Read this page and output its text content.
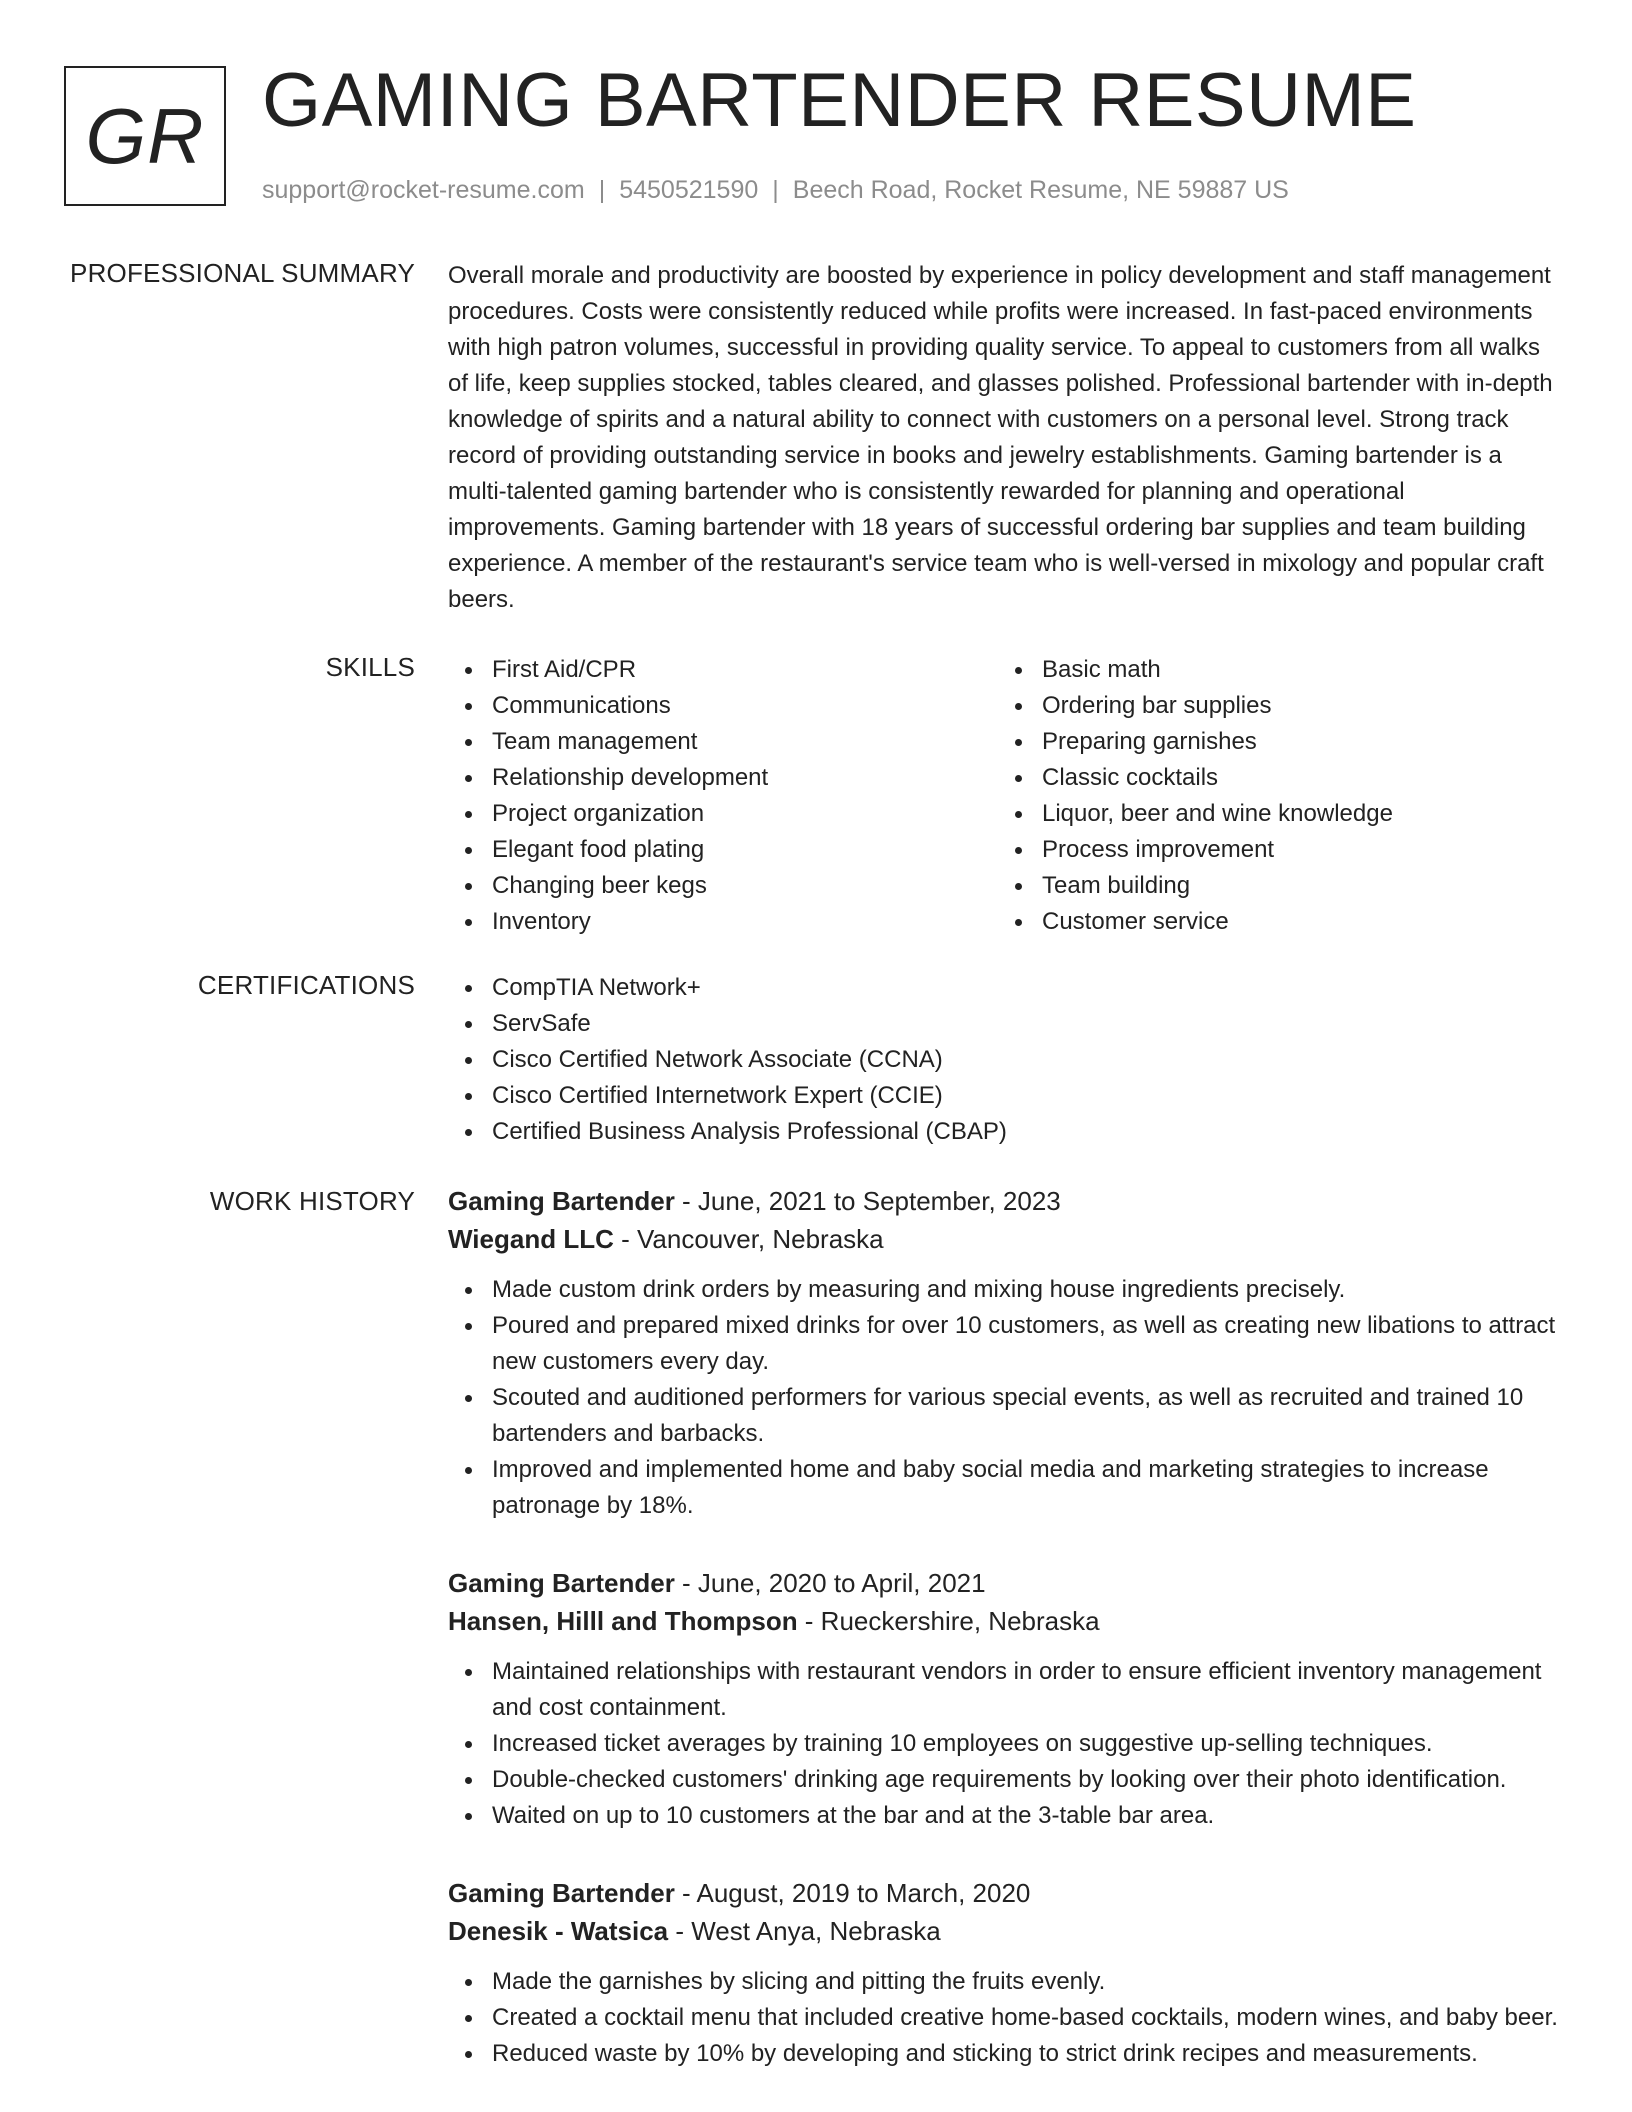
GR GAMING BARTENDER RESUME
support@rocket-resume.com | 5450521590 | Beech Road, Rocket Resume, NE 59887 US
PROFESSIONAL SUMMARY Overall morale and productivity are boosted by experience in policy development and staff management procedures. Costs were consistently reduced while profits were increased. In fast-paced environments with high patron volumes, successful in providing quality service. To appeal to customers from all walks of life, keep supplies stocked, tables cleared, and glasses polished. Professional bartender with in-depth knowledge of spirits and a natural ability to connect with customers on a personal level. Strong track record of providing outstanding service in books and jewelry establishments. Gaming bartender is a multi-talented gaming bartender who is consistently rewarded for planning and operational improvements. Gaming bartender with 18 years of successful ordering bar supplies and team building experience. A member of the restaurant's service team who is well-versed in mixology and popular craft beers.

SKILLS	First Aid/CPR
Communications
Team management
Relationship development
Project organization
Elegant food plating
Changing beer kegs
Inventory
Basic math
Ordering bar supplies
Preparing garnishes
Classic cocktails
Liquor, beer and wine knowledge
Process improvement
Team building
Customer service
CERTIFICATIONS	CompTIA Network+
ServSafe
Cisco Certified Network Associate (CCNA)
Cisco Certified Internetwork Expert (CCIE)
Certified Business Analysis Professional (CBAP)
WORK HISTORY Gaming Bartender - June, 2021 to September, 2023
Wiegand LLC - Vancouver, Nebraska
Made custom drink orders by measuring and mixing house ingredients precisely.
Poured and prepared mixed drinks for over 10 customers, as well as creating new libations to attract new customers every day.
Scouted and auditioned performers for various special events, as well as recruited and trained 10 bartenders and barbacks.
Improved and implemented home and baby social media and marketing strategies to increase patronage by 18%.
Gaming Bartender - June, 2020 to April, 2021
Hansen, Hilll and Thompson - Rueckershire, Nebraska
Maintained relationships with restaurant vendors in order to ensure efficient inventory management and cost containment.
Increased ticket averages by training 10 employees on suggestive up-selling techniques.
Double-checked customers' drinking age requirements by looking over their photo identification.
Waited on up to 10 customers at the bar and at the 3-table bar area.
Gaming Bartender - August, 2019 to March, 2020
Denesik - Watsica - West Anya, Nebraska
Made the garnishes by slicing and pitting the fruits evenly.
Created a cocktail menu that included creative home-based cocktails, modern wines, and baby beer.
Reduced waste by 10% by developing and sticking to strict drink recipes and measurements.
